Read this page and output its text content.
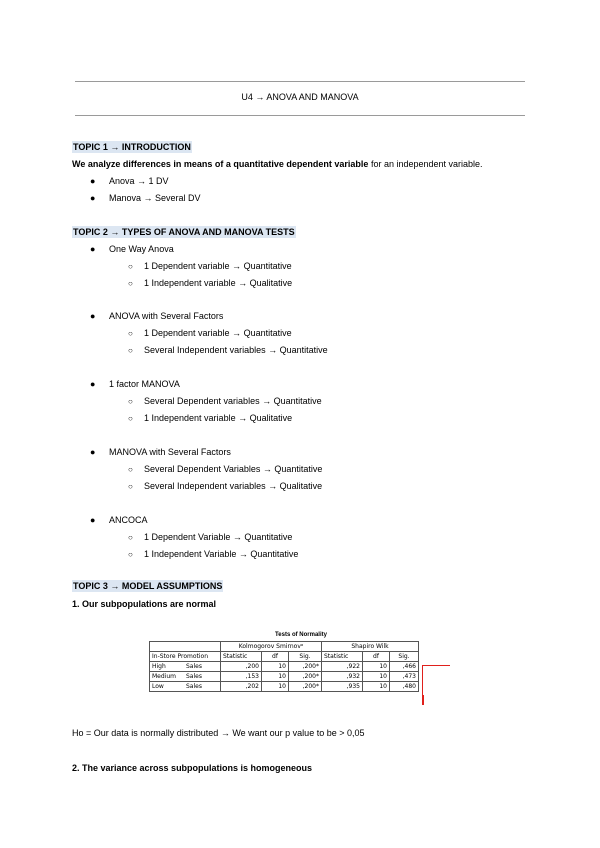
U4 → ANOVA AND MANOVA
TOPIC 1 → INTRODUCTION
We analyze differences in means of a quantitative dependent variable for an independent variable.
● Anova → 1 DV
● Manova → Several DV
TOPIC 2 → TYPES OF ANOVA AND MANOVA TESTS
● One Way Anova
○ 1 Dependent variable → Quantitative
○ 1 Independent variable → Qualitative
● ANOVA with Several Factors
○ 1 Dependent variable → Quantitative
○ Several Independent variables → Quantitative
● 1 factor MANOVA
○ Several Dependent variables → Quantitative
○ 1 Independent variable → Qualitative
● MANOVA with Several Factors
○ Several Dependent Variables → Quantitative
○ Several Independent variables → Qualitative
● ANCOCA
○ 1 Dependent Variable → Quantitative
○ 1 Independent Variable → Quantitative
TOPIC 3 → MODEL ASSUMPTIONS
1. Our subpopulations are normal
Tests of Normality
		Kolmogorov Smirnovᵃ			Shapiro Wilk		
In-Store Promotion		Statistic	df	Sig.	Statistic	df	Sig.
High	Sales	,200	10	,200*	,922	10	,466
Medium	Sales	,153	10	,200*	,932	10	,473
Low	Sales	,202	10	,200*	,935	10	,480
Ho = Our data is normally distributed → We want our p value to be > 0,05
2. The variance across subpopulations is homogeneous
